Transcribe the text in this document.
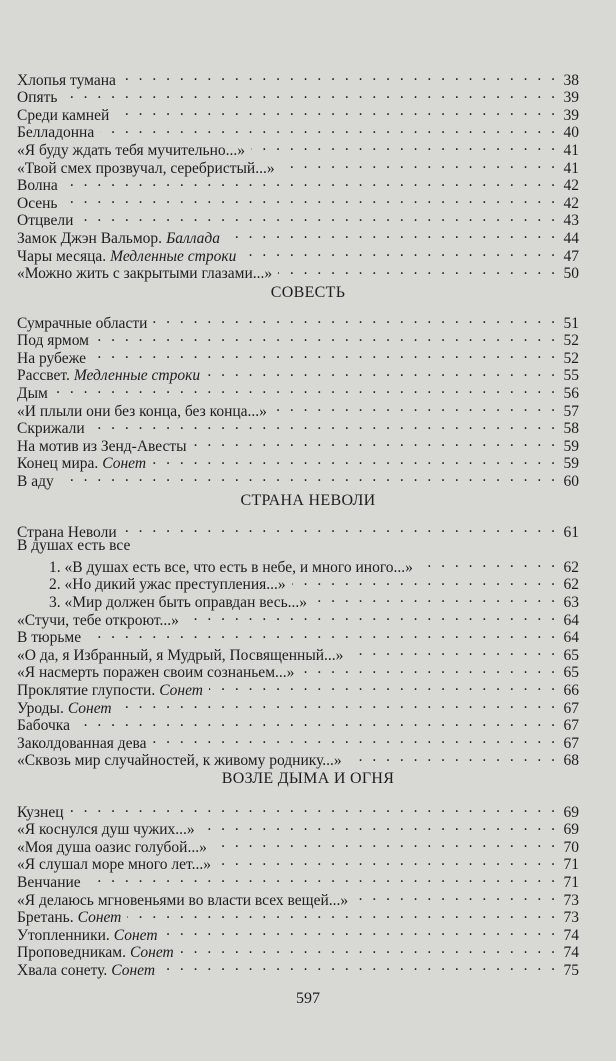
СОВЕСТЬ
СТРАНА НЕВОЛИ
ВОЗЛЕ ДЫМА И ОГНЯ
Хлопья тумана . . .	38
Опять . . .	39
Среди камней . . .	39
Белладонна . . .	40
«Я буду ждать тебя мучительно...» . . .	41
«Твой смех прозвучал, серебристый...» . . .	41
Волна . . .	42
Осень . . .	42
Отцвели . . .	43
Замок Джэн Вальмор. Баллада . . .	44
Чары месяца. Медленные строки . . .	47
«Можно жить с закрытыми глазами...» . . .	50
Сумрачные области . . .	51
Под ярмом . . .	52
На рубеже . . .	52
Рассвет. Медленные строки . . .	55
Дым . . .	56
«И плыли они без конца, без конца...» . . .	57
Скрижали . . .	58
На мотив из Зенд-Авесты . . .	59
Конец мира. Сонет . . .	59
В аду . . .	60
Страна Неволи . . .	61
В душах есть все
1. «В душах есть все, что есть в небе, и много иного...» . . .	62
2. «Но дикий ужас преступления...» . . .	62
3. «Мир должен быть оправдан весь...» . . .	63
«Стучи, тебе откроют...» . . .	64
В тюрьме . . .	64
«О да, я Избранный, я Мудрый, Посвященный...» . . .	65
«Я насмерть поражен своим сознаньем...» . . .	65
Проклятие глупости. Сонет . . .	66
Уроды. Сонет . . .	67
Бабочка . . .	67
Заколдованная дева . . .	67
«Сквозь мир случайностей, к живому роднику...» . . .	68
Кузнец . . .	69
«Я коснулся душ чужих...» . . .	69
«Моя душа оазис голубой...» . . .	70
«Я слушал море много лет...» . . .	71
Венчание . . .	71
«Я делаюсь мгновеньями во власти всех вещей...» . . .	73
Бретань. Сонет . . .	73
Утопленники. Сонет . . .	74
Проповедникам. Сонет . . .	74
Хвала сонету. Сонет . . .	75
597
